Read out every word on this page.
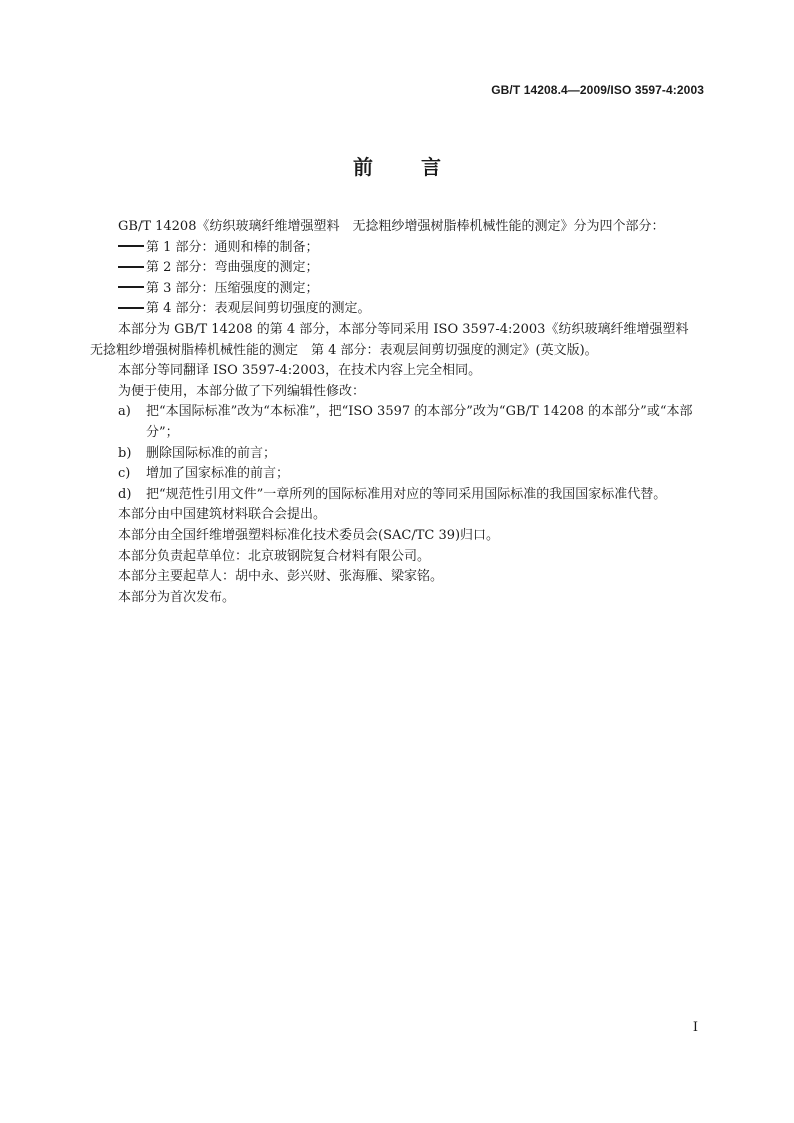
GB/T 14208.4—2009/ISO 3597-4:2003
前言

GB/T 14208《纺织玻璃纤维增强塑料　无捻粗纱增强树脂棒机械性能的测定》分为四个部分：

第 1 部分：通则和棒的制备；

第 2 部分：弯曲强度的测定；

第 3 部分：压缩强度的测定；

第 4 部分：表观层间剪切强度的测定。

本部分为 GB/T 14208 的第 4 部分，本部分等同采用 ISO 3597-4:2003《纺织玻璃纤维增强塑料　无捻粗纱增强树脂棒机械性能的测定　第 4 部分：表观层间剪切强度的测定》(英文版)。

本部分等同翻译 ISO 3597-4:2003，在技术内容上完全相同。

为便于使用，本部分做了下列编辑性修改：

a) 把“本国际标准”改为“本标准”，把“ISO 3597 的本部分”改为“GB/T 14208 的本部分”或“本部分”；

b) 删除国际标准的前言；

c) 增加了国家标准的前言；

d) 把“规范性引用文件”一章所列的国际标准用对应的等同采用国际标准的我国国家标准代替。

本部分由中国建筑材料联合会提出。

本部分由全国纤维增强塑料标准化技术委员会(SAC/TC 39)归口。

本部分负责起草单位：北京玻钢院复合材料有限公司。

本部分主要起草人：胡中永、彭兴财、张海雁、梁家铭。

本部分为首次发布。

I
